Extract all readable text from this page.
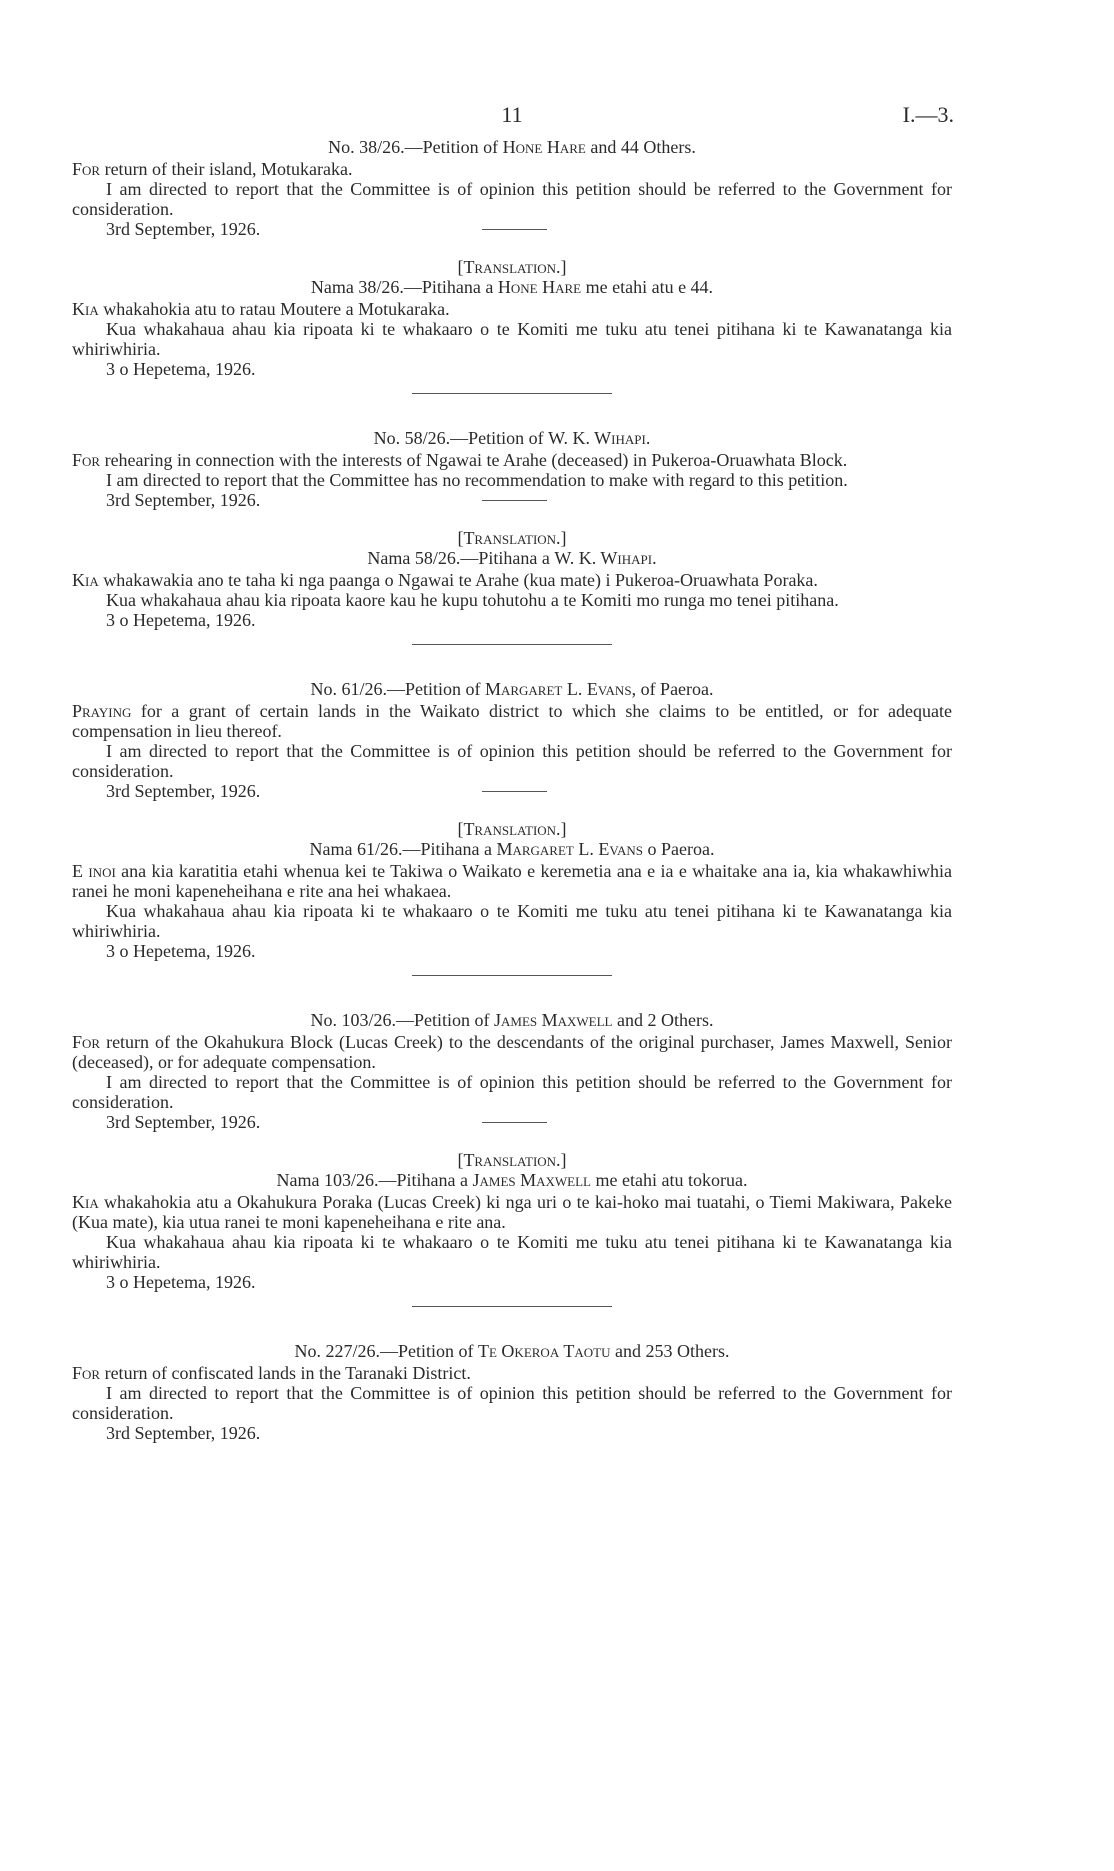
11	I.—3.
No. 38/26.—Petition of Hone Hare and 44 Others.

For return of their island, Motukaraka.

I am directed to report that the Committee is of opinion this petition should be referred to the Government for consideration.

3rd September, 1926.
[Translation.]
Nama 38/26.—Pitihana a Hone Hare me etahi atu e 44.

Kia whakahokia atu to ratau Moutere a Motukaraka.

Kua whakahaua ahau kia ripoata ki te whakaaro o te Komiti me tuku atu tenei pitihana ki te Kawanatanga kia whiriwhiria.

3 o Hepetema, 1926.
No. 58/26.—Petition of W. K. Wihapi.

For rehearing in connection with the interests of Ngawai te Arahe (deceased) in Pukeroa-Oruawhata Block.

I am directed to report that the Committee has no recommendation to make with regard to this petition.

3rd September, 1926.
[Translation.]
Nama 58/26.—Pitihana a W. K. Wihapi.

Kia whakawakia ano te taha ki nga paanga o Ngawai te Arahe (kua mate) i Pukeroa-Oruawhata Poraka.

Kua whakahaua ahau kia ripoata kaore kau he kupu tohutohu a te Komiti mo runga mo tenei pitihana.

3 o Hepetema, 1926.
No. 61/26.—Petition of Margaret L. Evans, of Paeroa.

Praying for a grant of certain lands in the Waikato district to which she claims to be entitled, or for adequate compensation in lieu thereof.

I am directed to report that the Committee is of opinion this petition should be referred to the Government for consideration.

3rd September, 1926.
[Translation.]
Nama 61/26.—Pitihana a Margaret L. Evans o Paeroa.

E inoi ana kia karatitia etahi whenua kei te Takiwa o Waikato e keremetia ana e ia e whaitake ana ia, kia whakawhiwhia ranei he moni kapeneheihana e rite ana hei whakaea.

Kua whakahaua ahau kia ripoata ki te whakaaro o te Komiti me tuku atu tenei pitihana ki te Kawanatanga kia whiriwhiria.

3 o Hepetema, 1926.
No. 103/26.—Petition of James Maxwell and 2 Others.

For return of the Okahukura Block (Lucas Creek) to the descendants of the original purchaser, James Maxwell, Senior (deceased), or for adequate compensation.

I am directed to report that the Committee is of opinion this petition should be referred to the Government for consideration.

3rd September, 1926.
[Translation.]
Nama 103/26.—Pitihana a James Maxwell me etahi atu tokorua.

Kia whakahokia atu a Okahukura Poraka (Lucas Creek) ki nga uri o te kai-hoko mai tuatahi, o Tiemi Makiwara, Pakeke (Kua mate), kia utua ranei te moni kapeneheihana e rite ana.

Kua whakahaua ahau kia ripoata ki te whakaaro o te Komiti me tuku atu tenei pitihana ki te Kawanatanga kia whiriwhiria.

3 o Hepetema, 1926.
No. 227/26.—Petition of Te Okeroa Taotu and 253 Others.

For return of confiscated lands in the Taranaki District.

I am directed to report that the Committee is of opinion this petition should be referred to the Government for consideration.

3rd September, 1926.
